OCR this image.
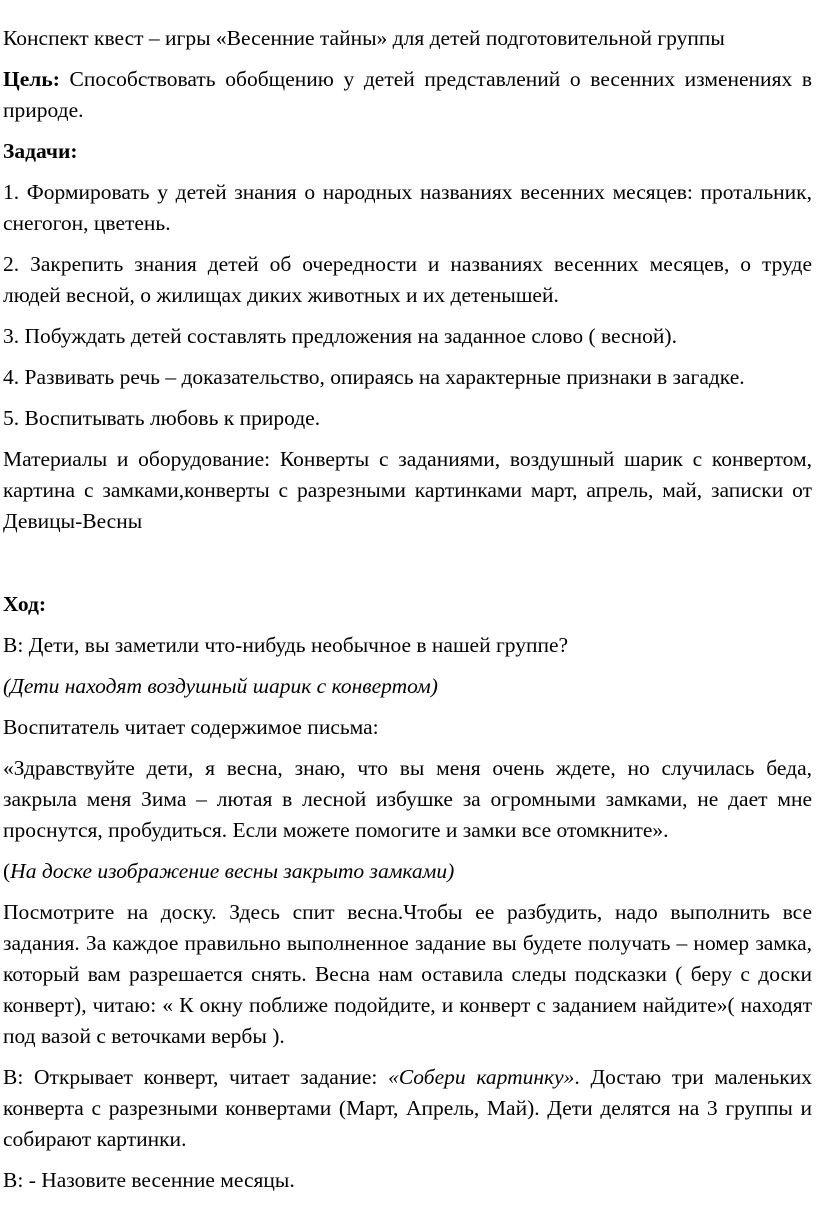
Конспект квест – игры «Весенние тайны» для детей подготовительной группы

Цель: Способствовать обобщению у детей представлений о весенних изменениях в природе.

Задачи:

1. Формировать у детей знания о народных названиях весенних месяцев: протальник, снегогон, цветень.

2. Закрепить знания детей об очередности и названиях весенних месяцев, о труде людей весной, о жилищах диких животных и их детенышей.

3. Побуждать детей составлять предложения на заданное слово ( весной).

4. Развивать речь – доказательство, опираясь на характерные признаки в загадке.

5. Воспитывать любовь к природе.

Материалы и оборудование: Конверты с заданиями, воздушный шарик с конвертом, картина с замками,конверты с разрезными картинками март, апрель, май, записки от Девицы-Весны

Ход:

В: Дети, вы заметили что-нибудь необычное в нашей группе?

(Дети находят воздушный шарик с конвертом)

Воспитатель читает содержимое письма:

«Здравствуйте дети, я весна, знаю, что вы меня очень ждете, но случилась беда, закрыла меня Зима – лютая в лесной избушке за огромными замками, не дает мне проснутся, пробудиться. Если можете помогите и замки все отомкните».

(На доске изображение весны закрыто замками)

Посмотрите на доску. Здесь спит весна.Чтобы ее разбудить, надо выполнить все задания. За каждое правильно выполненное задание вы будете получать – номер замка, который вам разрешается снять. Весна нам оставила следы подсказки ( беру с доски конверт), читаю: « К окну поближе подойдите, и конверт с заданием найдите»( находят под вазой с веточками вербы ).

В: Открывает конверт, читает задание: «Собери картинку». Достаю три маленьких конверта с разрезными конвертами (Март, Апрель, Май). Дети делятся на 3 группы и собирают картинки.

В: - Назовите весенние месяцы.
